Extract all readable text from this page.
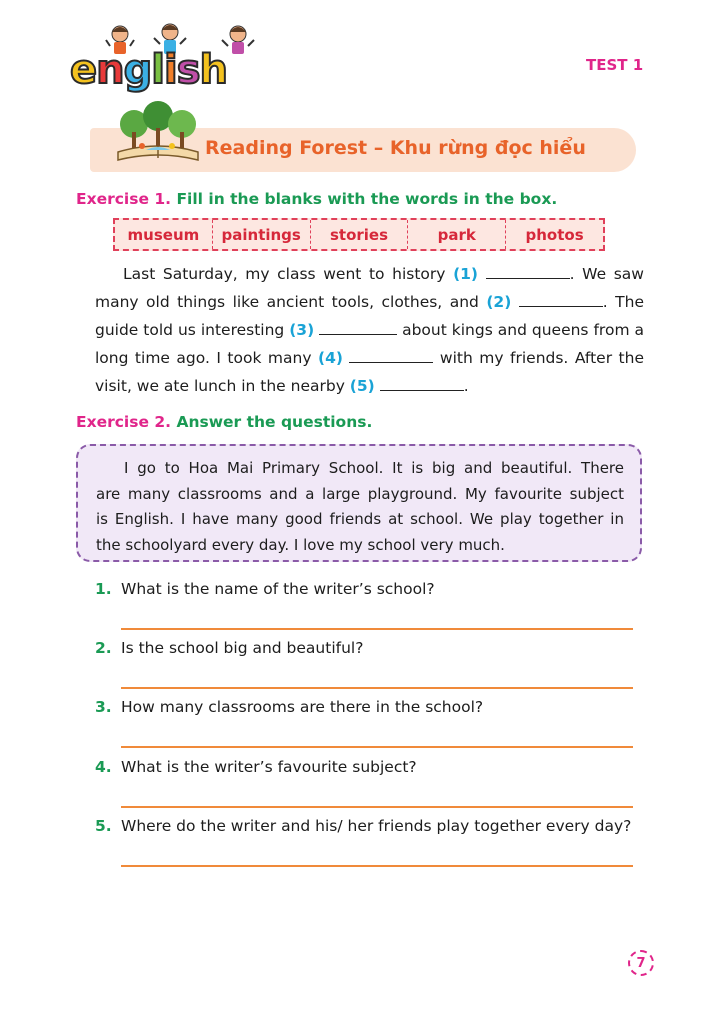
english	TEST 1
Reading Forest – Khu rừng đọc hiểu
Exercise 1. Fill in the blanks with the words in the box.
museum	paintings	stories	park	photos
Last Saturday, my class went to history (1)	. We saw
many old things like ancient tools, clothes, and (2)	. The
guide told us interesting (3)	about kings and queens from a
long time ago. I took many (4)	with my friends. After the
visit, we ate lunch in the nearby (5)	.
Exercise 2. Answer the questions.
I go to Hoa Mai Primary School. It is big and beautiful. There
are many classrooms and a large playground. My favourite subject
is English. I have many good friends at school. We play together in
the schoolyard every day. I love my school very much.
1. What is the name of the writer’s school?
2. Is the school big and beautiful?
3. How many classrooms are there in the school?
4. What is the writer’s favourite subject?
5. Where do the writer and his/ her friends play together every day?
7
